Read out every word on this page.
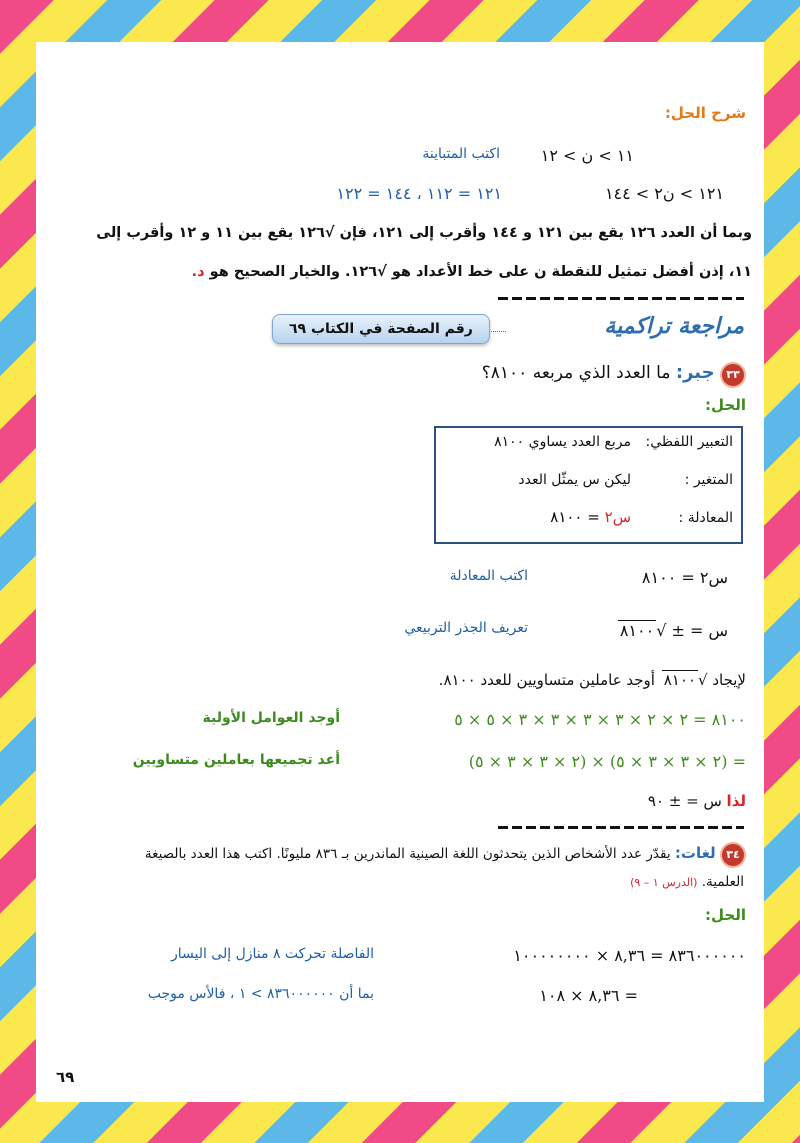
شرح الحل:
١١ > ن > ١٢
اكتب المتباينة
١٢١ > ن٢ > ١٤٤
١٢١ = ١١٢ ، ١٤٤ = ١٢٢
وبما أن العدد ١٢٦ يقع بين ١٢١ و ١٤٤ وأقرب إلى ١٢١، فإن √١٢٦ يقع بين ١١ و ١٢ وأقرب إلى
١١، إذن أفضل تمثيل للنقطة ن على خط الأعداد هو √١٢٦. والخيار الصحيح هو د.
مراجعة تراكمية
رقم الصفحة في الكتاب ٦٩
٣٣ جبر: ما العدد الذي مربعه ٨١٠٠؟
الحل:
التعبير اللفظي:
مربع العدد يساوي ٨١٠٠
المتغير :
ليكن س يمثّل العدد
المعادلة :
س٢ = ٨١٠٠
س٢ = ٨١٠٠
اكتب المعادلة
س = ± √٨١٠٠
تعريف الجذر التربيعي
لإيجاد √٨١٠٠ أوجد عاملين متساويين للعدد ٨١٠٠.
٨١٠٠ = ٢ × ٢ × ٣ × ٣ × ٣ × ٣ × ٥ × ٥
أوجد العوامل الأولية
= (٢ × ٣ × ٣ × ٥) × (٢ × ٣ × ٣ × ٥)
أعد تجميعها بعاملين متساويين
لذا س = ± ٩٠
٣٤ لغات: يقدّر عدد الأشخاص الذين يتحدثون اللغة الصينية الماندرين بـ ٨٣٦ مليونًا. اكتب هذا العدد بالصيغة
العلمية. (الدرس ١ – ٩)
الحل:
٨٣٦٠٠٠٠٠٠ = ٨,٣٦ × ١٠٠٠٠٠٠٠٠
الفاصلة تحركت ٨ منازل إلى اليسار
= ٨,٣٦ × ١٠٨
بما أن ٨٣٦٠٠٠٠٠٠ > ١ ، فالأس موجب
٦٩
